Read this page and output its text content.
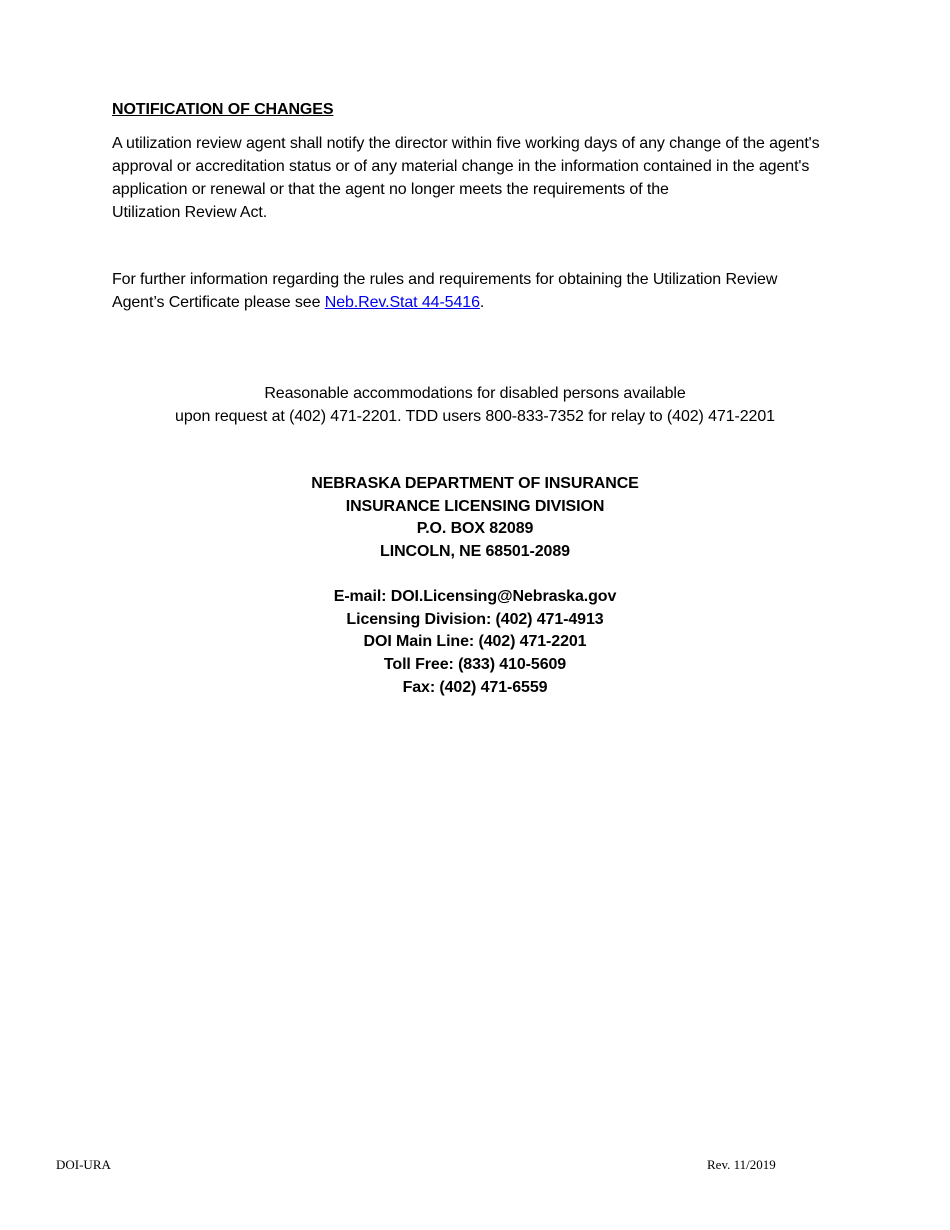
NOTIFICATION OF CHANGES
A utilization review agent shall notify the director within five working days of any change of the agent's
approval or accreditation status or of any material change in the information contained in the agent's
application or renewal or that the agent no longer meets the requirements of the
Utilization Review Act.
For further information regarding the rules and requirements for obtaining the Utilization Review
Agent’s Certificate please see Neb.Rev.Stat 44-5416.
Reasonable accommodations for disabled persons available
upon request at (402) 471-2201. TDD users 800-833-7352 for relay to (402) 471-2201
NEBRASKA DEPARTMENT OF INSURANCE
INSURANCE LICENSING DIVISION
P.O. BOX 82089
LINCOLN, NE 68501-2089
E-mail: DOI.Licensing@Nebraska.gov
Licensing Division: (402) 471-4913
DOI Main Line: (402) 471-2201
Toll Free: (833) 410-5609
Fax: (402) 471-6559
DOI-URA	Rev. 11/2019
